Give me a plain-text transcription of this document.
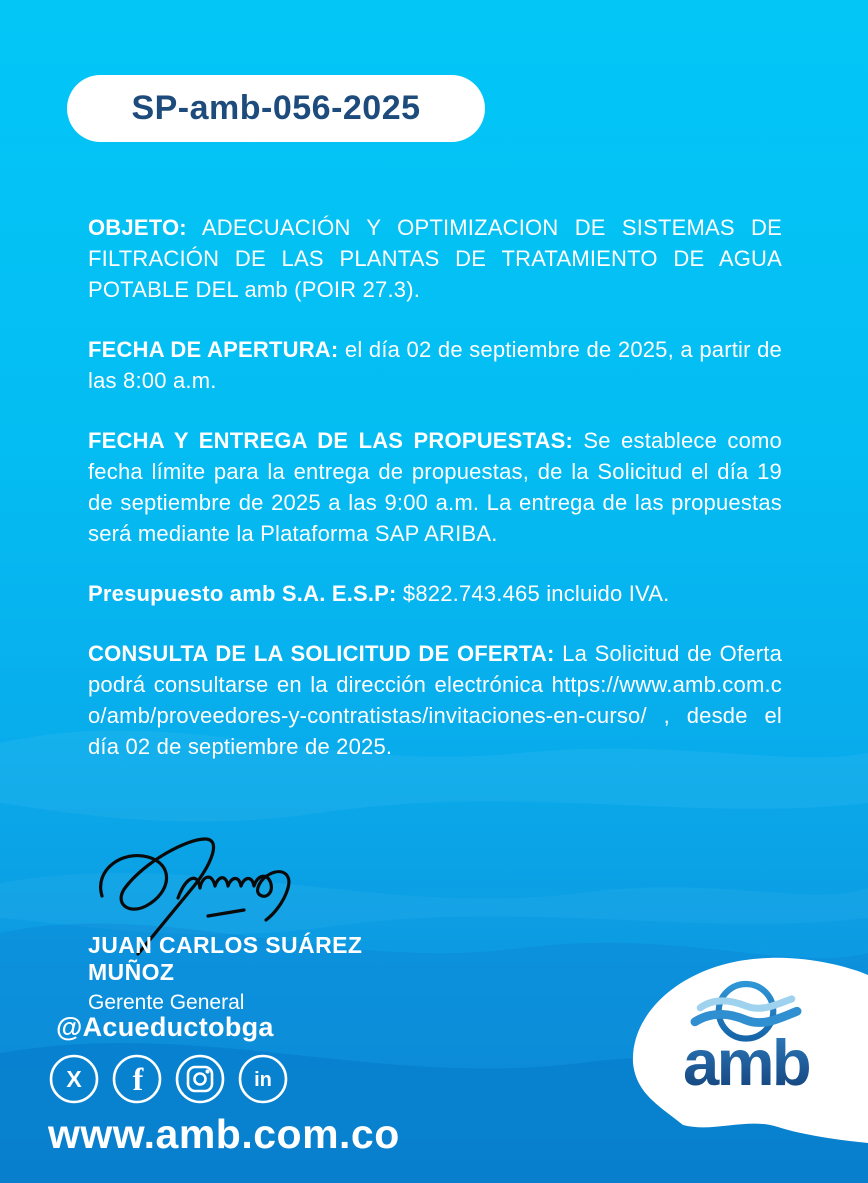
SP-amb-056-2025

OBJETO: ADECUACIÓN Y OPTIMIZACION DE SISTEMAS DE FILTRACIÓN DE LAS PLANTAS DE TRATAMIENTO DE AGUA POTABLE DEL amb (POIR 27.3).

FECHA DE APERTURA: el día 02 de septiembre de 2025, a partir de las 8:00 a.m.

FECHA Y ENTREGA DE LAS PROPUESTAS: Se establece como fecha límite para la entrega de propuestas, de la Solicitud el día 19 de septiembre de 2025 a las 9:00 a.m. La entrega de las propuestas será mediante la Plataforma SAP ARIBA.

Presupuesto amb S.A. E.S.P: $822.743.465 incluido IVA.

CONSULTA DE LA SOLICITUD DE OFERTA: La Solicitud de Oferta podrá consultarse en la dirección electrónica https://www.amb.com.co/amb/proveedores-y-contratistas/invitaciones-en-curso/ , desde el día 02 de septiembre de 2025.

JUAN CARLOS SUÁREZ MUÑOZ
Gerente General
@Acueductobga
X f	in
www.amb.com.co
amb
